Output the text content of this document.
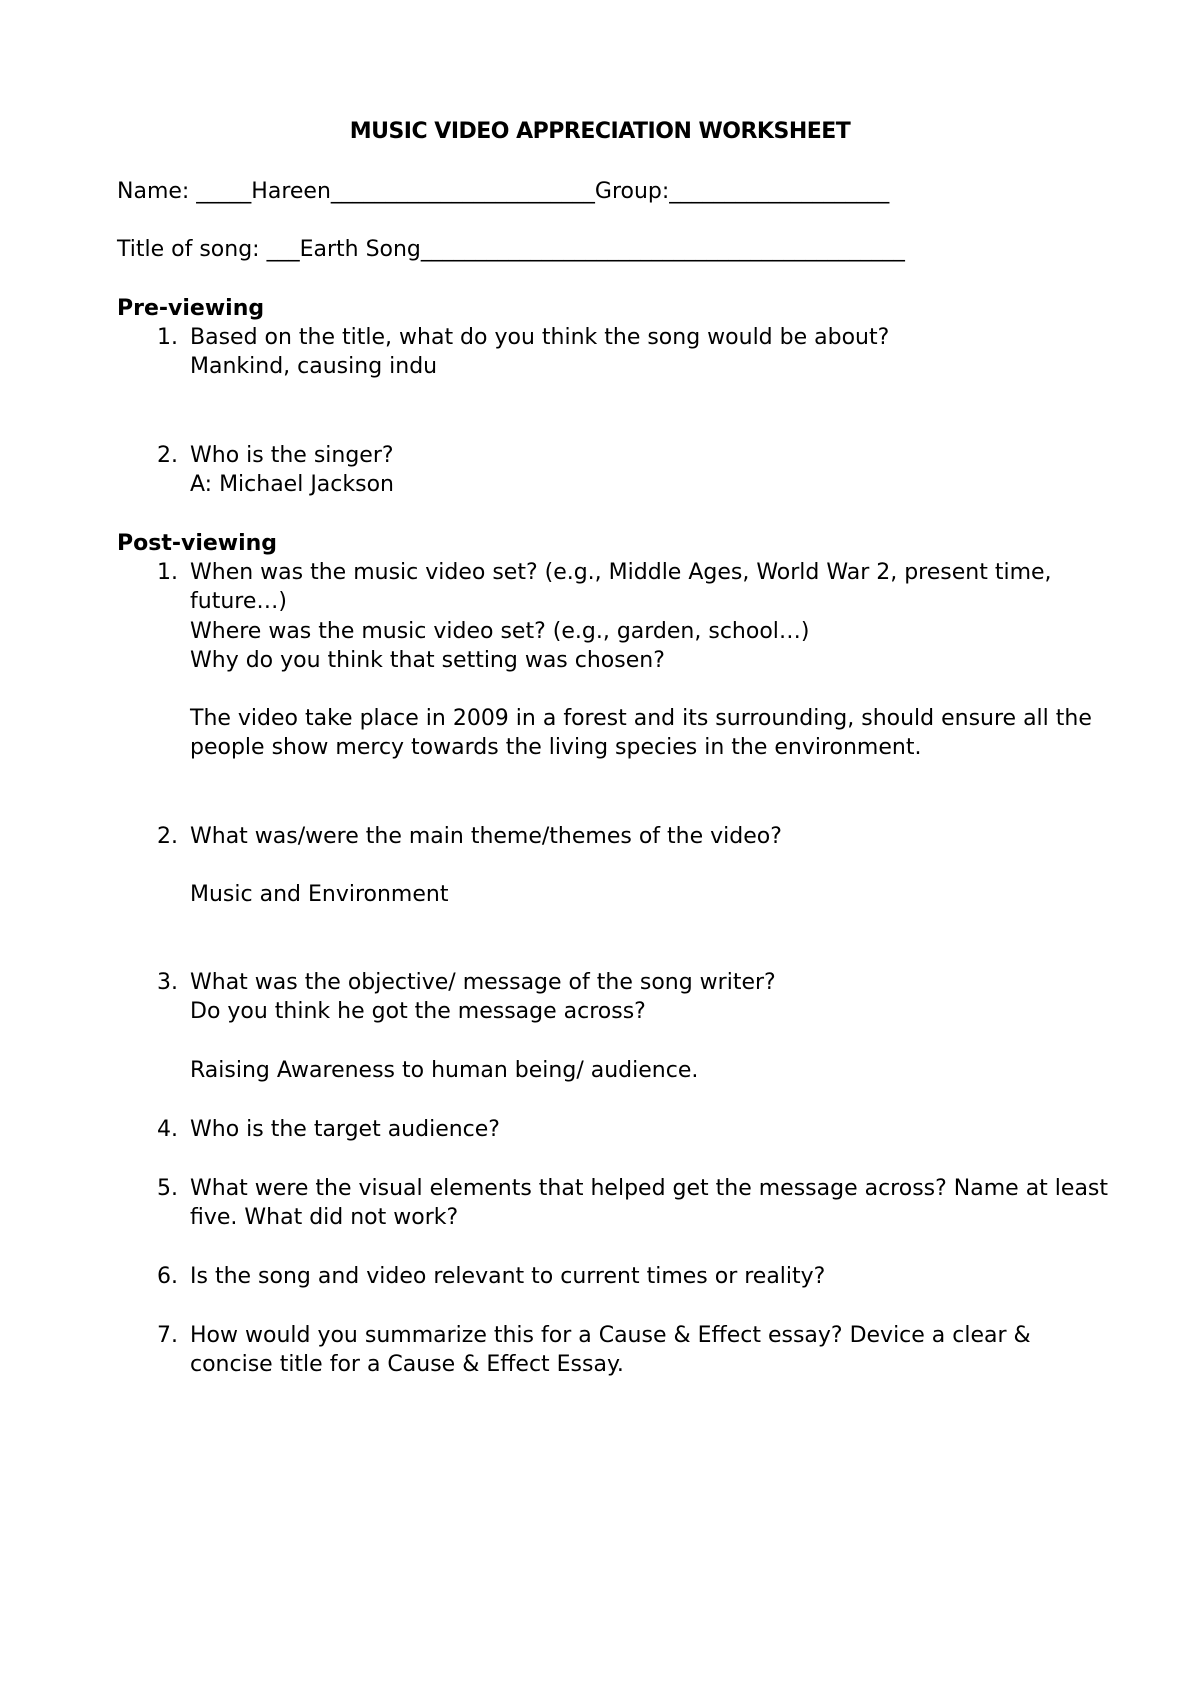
MUSIC VIDEO APPRECIATION WORKSHEET
Name: _____Hareen________________________Group:____________________
Title of song: ___Earth Song____________________________________________
Pre-viewing
1. Based on the title, what do you think the song would be about?
Mankind, causing indu
2. Who is the singer?
A: Michael Jackson
Post-viewing
1. When was the music video set? (e.g., Middle Ages, World War 2, present time,
future…)
Where was the music video set? (e.g., garden, school…)
Why do you think that setting was chosen?
The video take place in 2009 in a forest and its surrounding, should ensure all the
people show mercy towards the living species in the environment.
2. What was/were the main theme/themes of the video?
Music and Environment
3. What was the objective/ message of the song writer?
Do you think he got the message across?
Raising Awareness to human being/ audience.
4. Who is the target audience?
5. What were the visual elements that helped get the message across? Name at least
five. What did not work?
6. Is the song and video relevant to current times or reality?
7. How would you summarize this for a Cause & Effect essay? Device a clear &
concise title for a Cause & Effect Essay.
